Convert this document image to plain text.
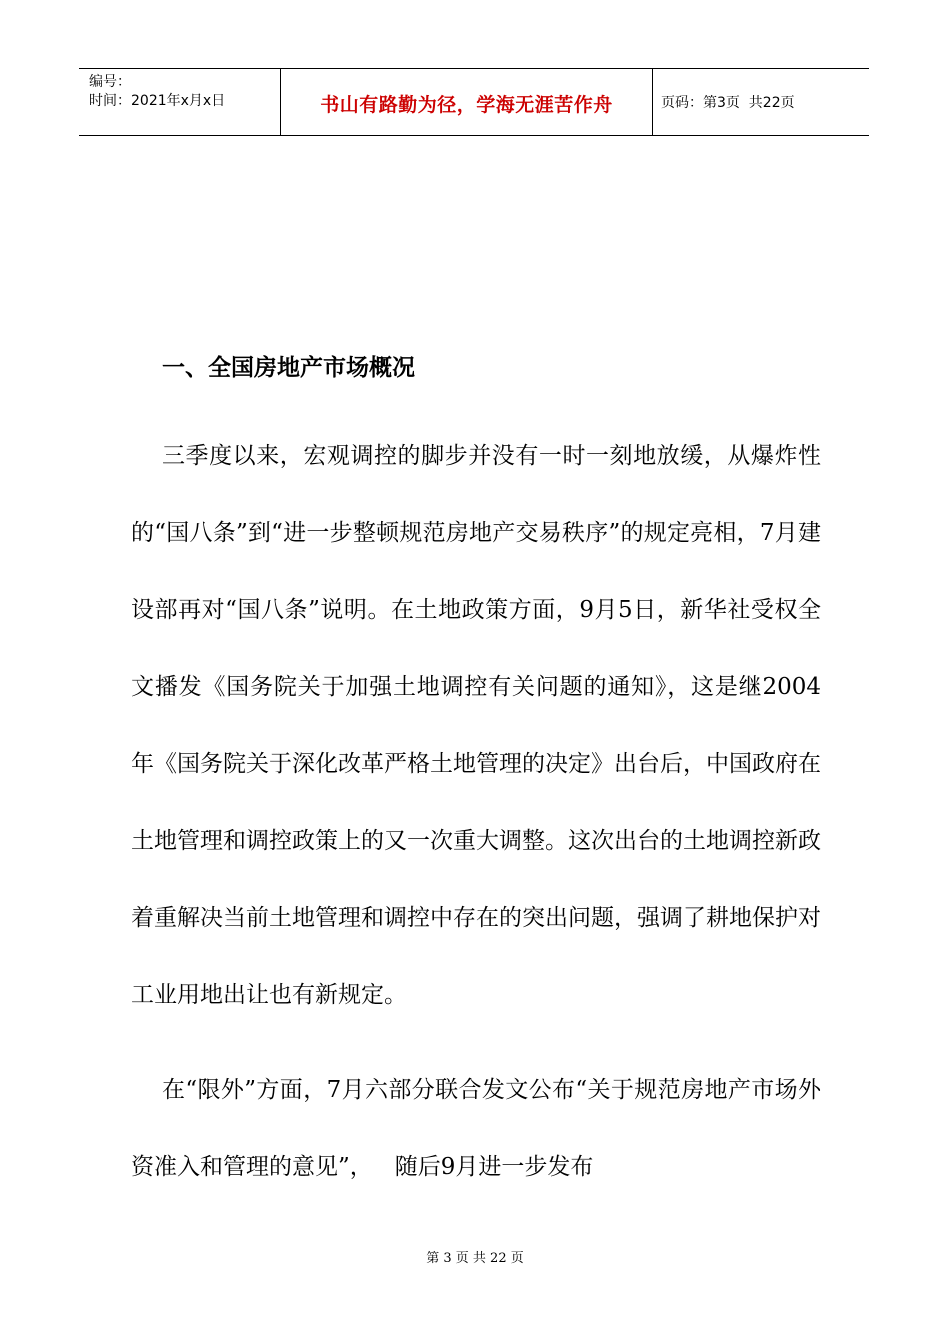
编号：
时间：2021年x月x日	书山有路勤为径，学海无涯苦作舟	页码：第3页  共22页
一、全国房地产市场概况

三季度以来，宏观调控的脚步并没有一时一刻地放缓，从爆炸性的“国八条”到“进一步整顿规范房地产交易秩序”的规定亮相，7月建设部再对“国八条”说明。在土地政策方面，9月5日，新华社受权全文播发《国务院关于加强土地调控有关问题的通知》，这是继2004年《国务院关于深化改革严格土地管理的决定》出台后，中国政府在土地管理和调控政策上的又一次重大调整。这次出台的土地调控新政着重解决当前土地管理和调控中存在的突出问题，强调了耕地保护对工业用地出让也有新规定。

在“限外”方面，7月六部分联合发文公布“关于规范房地产市场外资准入和管理的意见”，   随后9月进一步发布

第 3 页 共 22 页
